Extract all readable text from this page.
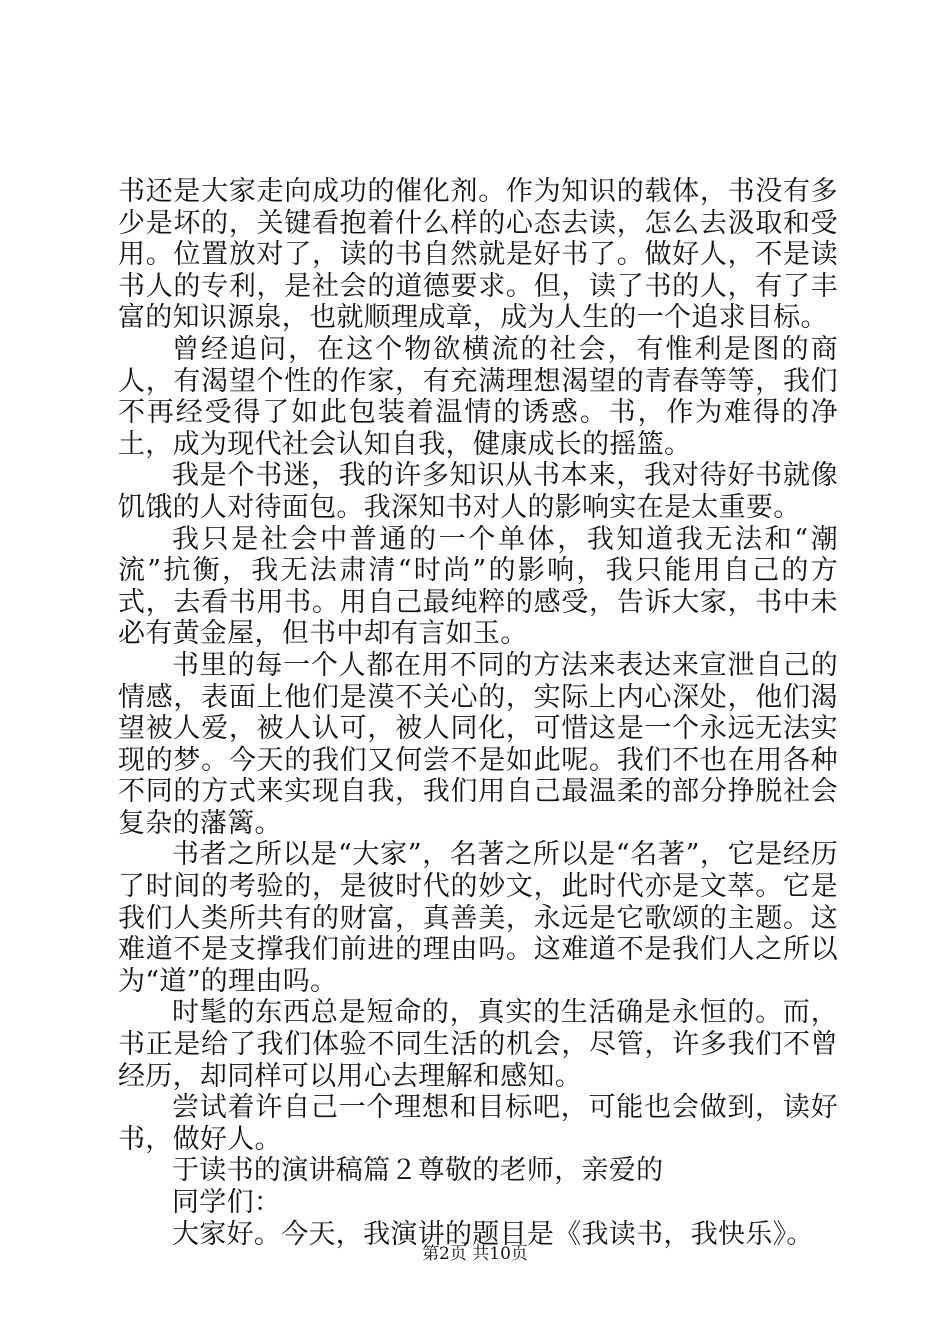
书还是大家走向成功的催化剂。作为知识的载体，书没有多少是坏的，关键看抱着什么样的心态去读，怎么去汲取和受用。位置放对了，读的书自然就是好书了。做好人，不是读书人的专利，是社会的道德要求。但，读了书的人，有了丰富的知识源泉，也就顺理成章，成为人生的一个追求目标。

曾经追问，在这个物欲横流的社会，有惟利是图的商人，有渴望个性的作家，有充满理想渴望的青春等等，我们不再经受得了如此包装着温情的诱惑。书，作为难得的净土，成为现代社会认知自我，健康成长的摇篮。

我是个书迷，我的许多知识从书本来，我对待好书就像饥饿的人对待面包。我深知书对人的影响实在是太重要。

我只是社会中普通的一个单体，我知道我无法和“潮流”抗衡，我无法肃清“时尚”的影响，我只能用自己的方式，去看书用书。用自己最纯粹的感受，告诉大家，书中未必有黄金屋，但书中却有言如玉。

书里的每一个人都在用不同的方法来表达来宣泄自己的情感，表面上他们是漠不关心的，实际上内心深处，他们渴望被人爱，被人认可，被人同化，可惜这是一个永远无法实现的梦。今天的我们又何尝不是如此呢。我们不也在用各种不同的方式来实现自我，我们用自己最温柔的部分挣脱社会复杂的藩篱。

书者之所以是“大家”，名著之所以是“名著”，它是经历了时间的考验的，是彼时代的妙文，此时代亦是文萃。它是我们人类所共有的财富，真善美，永远是它歌颂的主题。这难道不是支撑我们前进的理由吗。这难道不是我们人之所以为“道”的理由吗。

时髦的东西总是短命的，真实的生活确是永恒的。而，书正是给了我们体验不同生活的机会，尽管，许多我们不曾经历，却同样可以用心去理解和感知。

尝试着许自己一个理想和目标吧，可能也会做到，读好书，做好人。

于读书的演讲稿篇２尊敬的老师，亲爱的

同学们：

大家好。今天，我演讲的题目是《我读书，我快乐》。

第2页 共10页
